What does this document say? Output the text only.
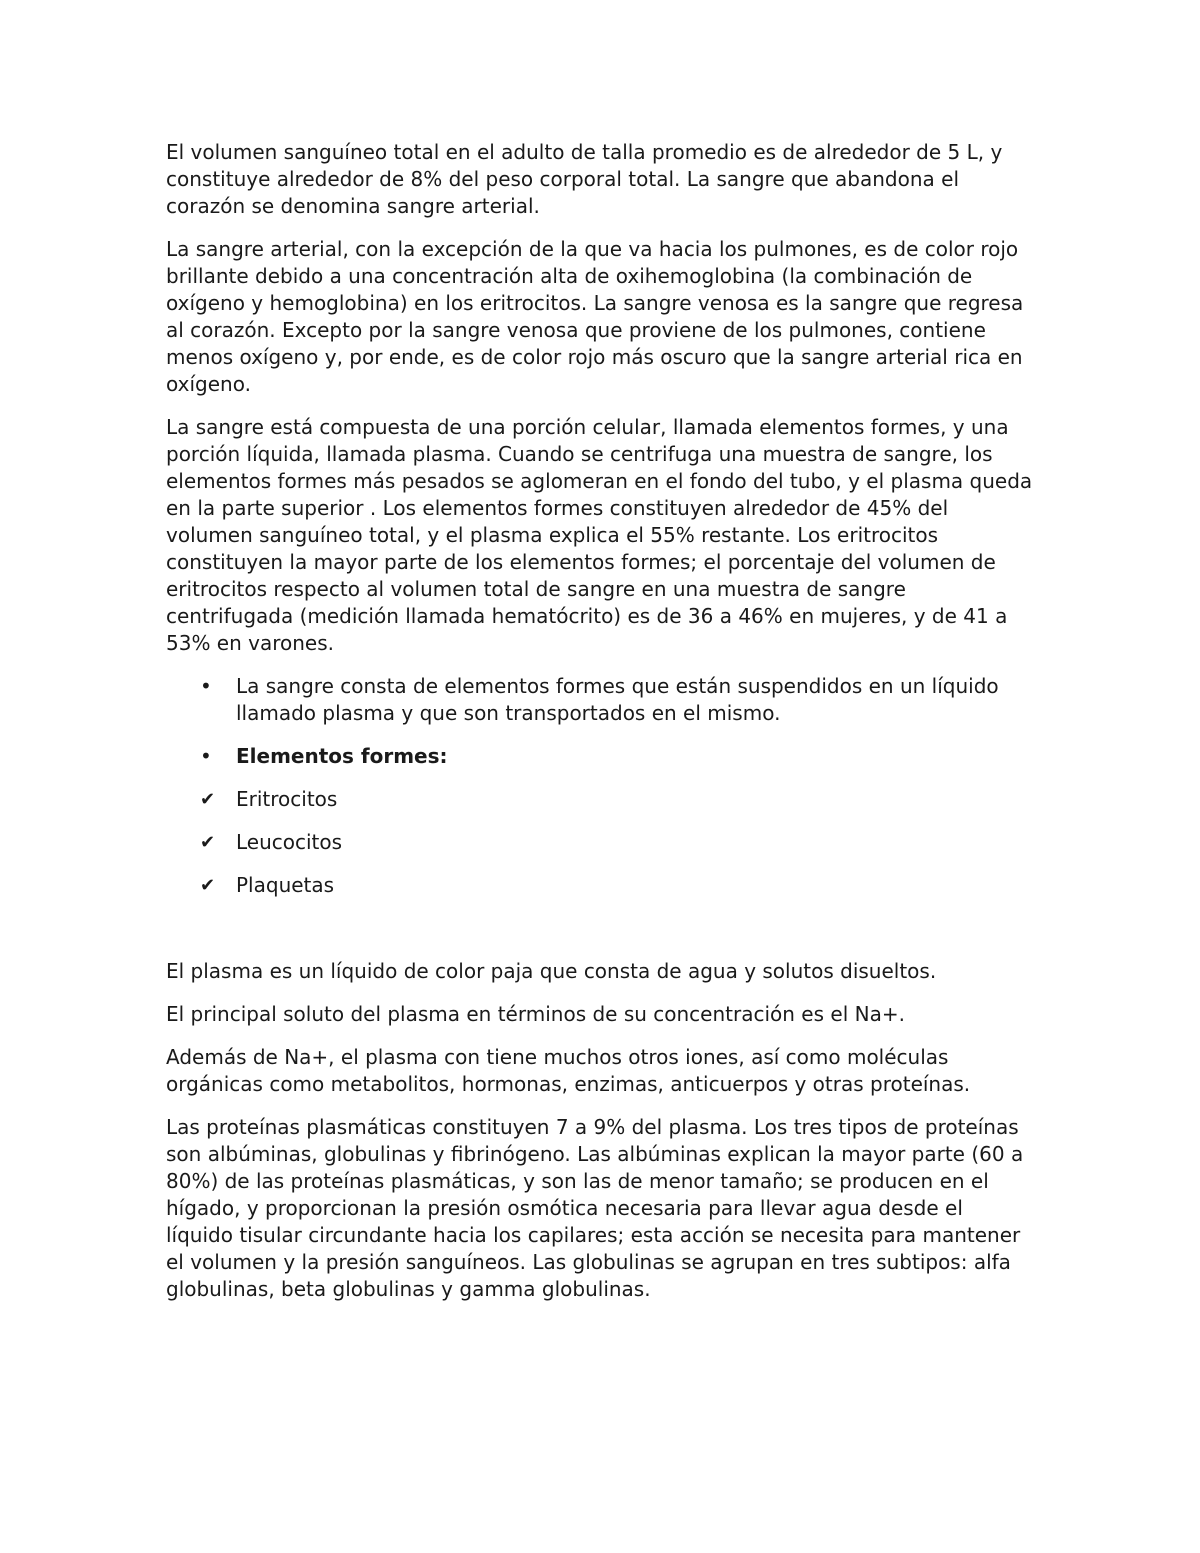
El volumen sanguíneo total en el adulto de talla promedio es de alrededor de 5 L, y constituye alrededor de 8% del peso corporal total. La sangre que abandona el corazón se denomina sangre arterial.

La sangre arterial, con la excepción de la que va hacia los pulmones, es de color rojo brillante debido a una concentración alta de oxihemoglobina (la combinación de oxígeno y hemoglobina) en los eritrocitos. La sangre venosa es la sangre que regresa al corazón. Excepto por la sangre venosa que proviene de los pulmones, contiene menos oxígeno y, por ende, es de color rojo más oscuro que la sangre arterial rica en oxígeno.

La sangre está compuesta de una porción celular, llamada elementos formes, y una porción líquida, llamada plasma. Cuando se centrifuga una muestra de sangre, los elementos formes más pesados se aglomeran en el fondo del tubo, y el plasma queda en la parte superior . Los elementos formes constituyen alrededor de 45% del volumen sanguíneo total, y el plasma explica el 55% restante. Los eritrocitos constituyen la mayor parte de los elementos formes; el porcentaje del volumen de eritrocitos respecto al volumen total de sangre en una muestra de sangre centrifugada (medición llamada hematócrito) es de 36 a 46% en mujeres, y de 41 a 53% en varones.

•	La sangre consta de elementos formes que están suspendidos en un líquido llamado plasma y que son transportados en el mismo.
•	Elementos formes:
✔	Eritrocitos
✔	Leucocitos
✔	Plaquetas

El plasma es un líquido de color paja que consta de agua y solutos disueltos.

El principal soluto del plasma en términos de su concentración es el Na+.

Además de Na+, el plasma con tiene muchos otros iones, así como moléculas orgánicas como metabolitos, hormonas, enzimas, anticuerpos y otras proteínas.

Las proteínas plasmáticas constituyen 7 a 9% del plasma. Los tres tipos de proteínas son albúminas, globulinas y fibrinógeno. Las albúminas explican la mayor parte (60 a 80%) de las proteínas plasmáticas, y son las de menor tamaño; se producen en el hígado, y proporcionan la presión osmótica necesaria para llevar agua desde el líquido tisular circundante hacia los capilares; esta acción se necesita para mantener el volumen y la presión sanguíneos. Las globulinas se agrupan en tres subtipos: alfa globulinas, beta globulinas y gamma globulinas.
